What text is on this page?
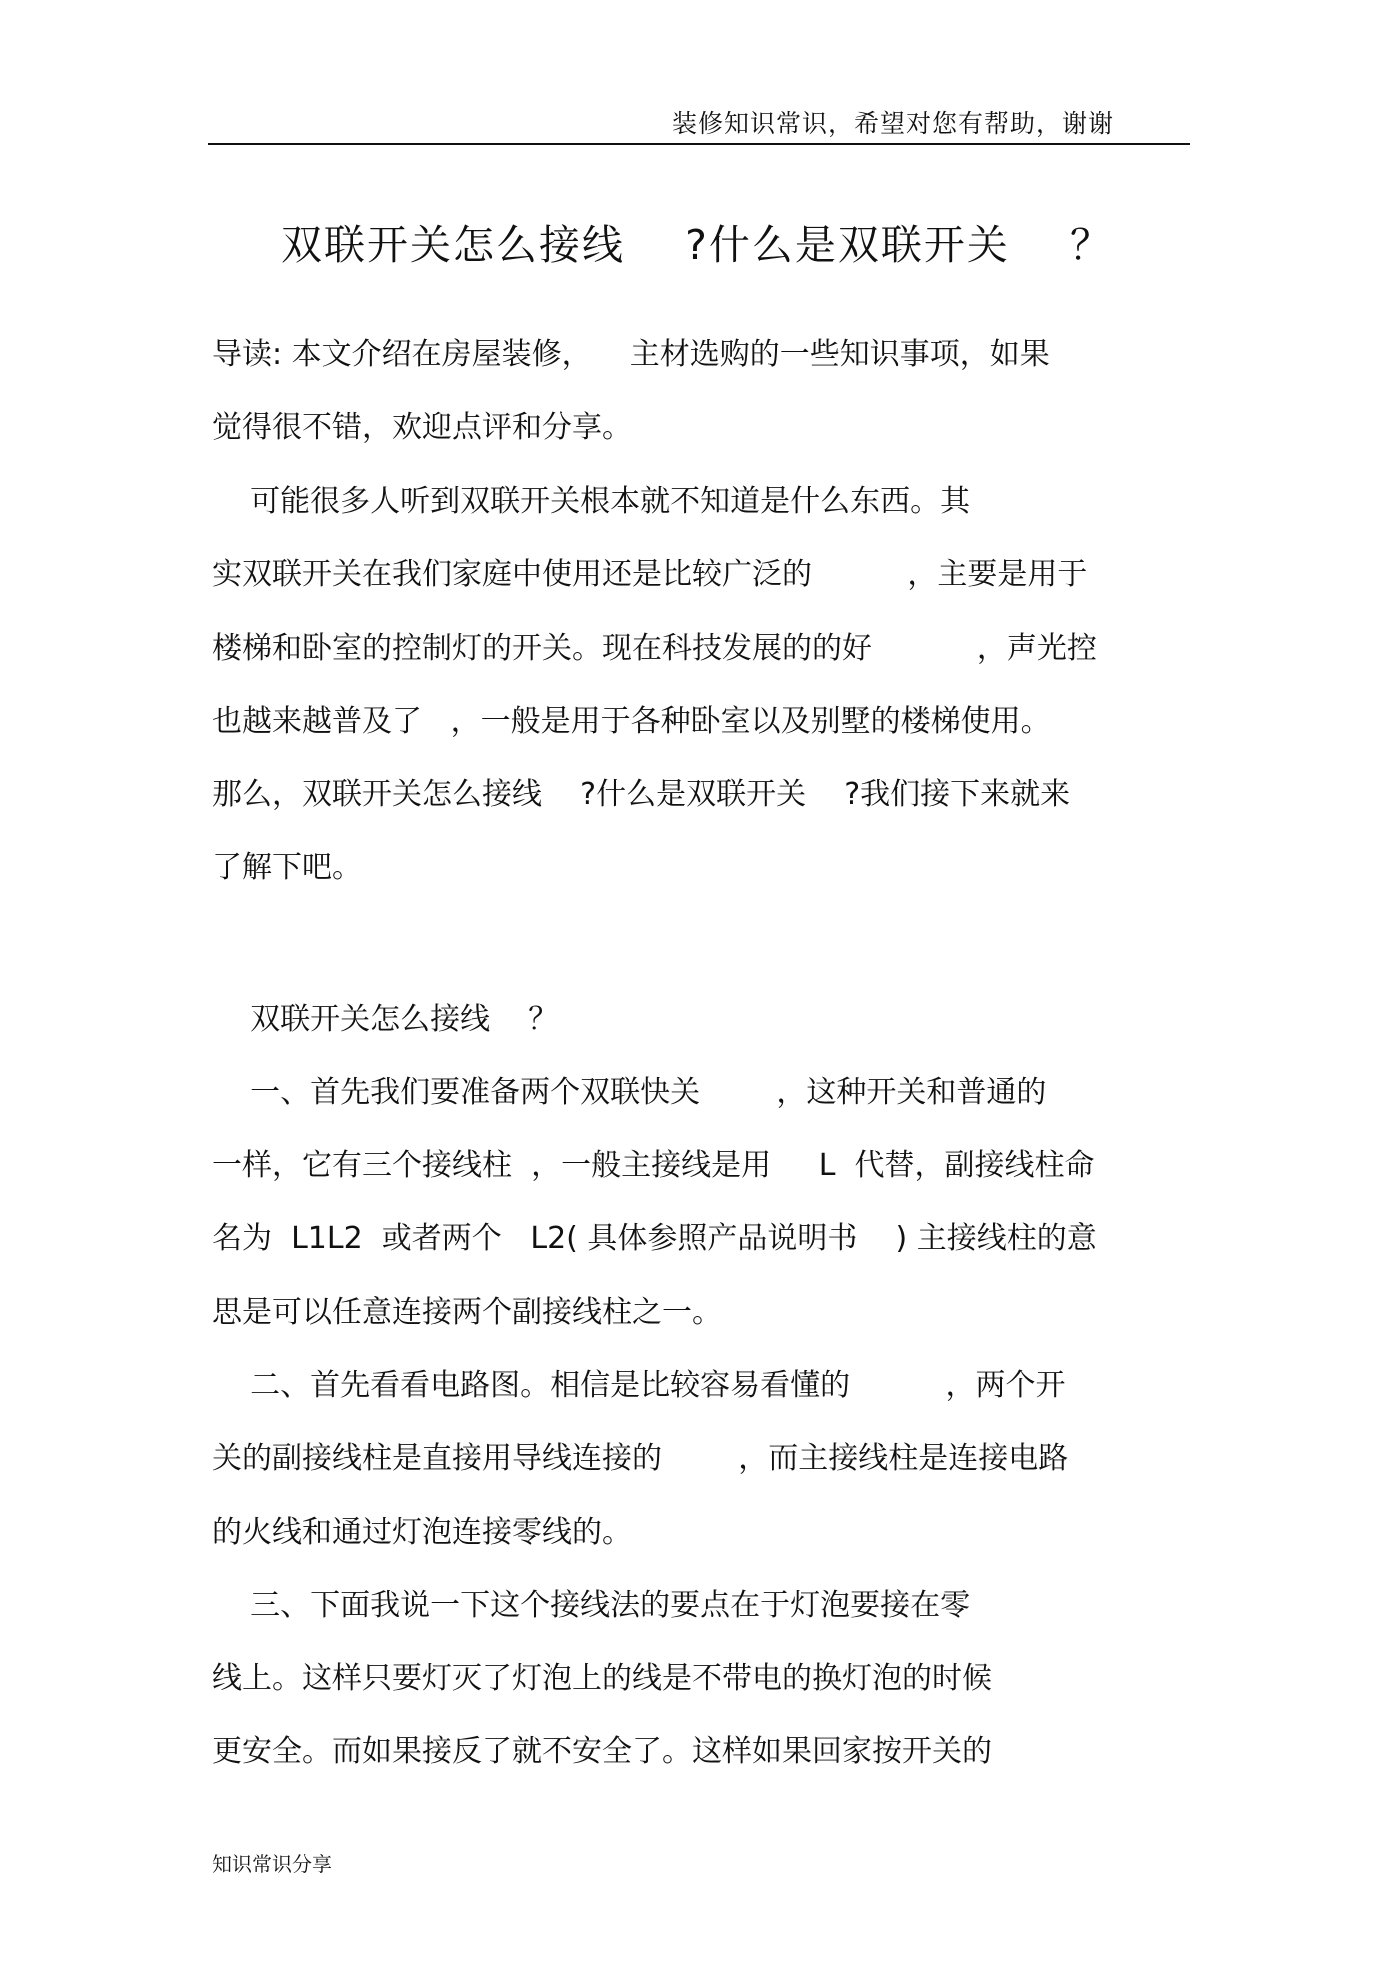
装修知识常识，希望对您有帮助，谢谢
双联开关怎么接线    ?什么是双联开关    ？
导读: 本文介绍在房屋装修，    主材选购的一些知识事项，如果
觉得很不错，欢迎点评和分享。
可能很多人听到双联开关根本就不知道是什么东西。其
实双联开关在我们家庭中使用还是比较广泛的          ，主要是用于
楼梯和卧室的控制灯的开关。现在科技发展的的好           ，声光控
也越来越普及了   ，一般是用于各种卧室以及别墅的楼梯使用。
那么，双联开关怎么接线    ?什么是双联开关    ?我们接下来就来
了解下吧。
双联开关怎么接线    ？
一、首先我们要准备两个双联快关        ，这种开关和普通的
一样，它有三个接线柱  ，一般主接线是用     L  代替，副接线柱命
名为  L1L2  或者两个   L2( 具体参照产品说明书    ) 主接线柱的意
思是可以任意连接两个副接线柱之一。
二、首先看看电路图。相信是比较容易看懂的          ，两个开
关的副接线柱是直接用导线连接的        ，而主接线柱是连接电路
的火线和通过灯泡连接零线的。
三、下面我说一下这个接线法的要点在于灯泡要接在零
线上。这样只要灯灭了灯泡上的线是不带电的换灯泡的时候
更安全。而如果接反了就不安全了。这样如果回家按开关的
知识常识分享
